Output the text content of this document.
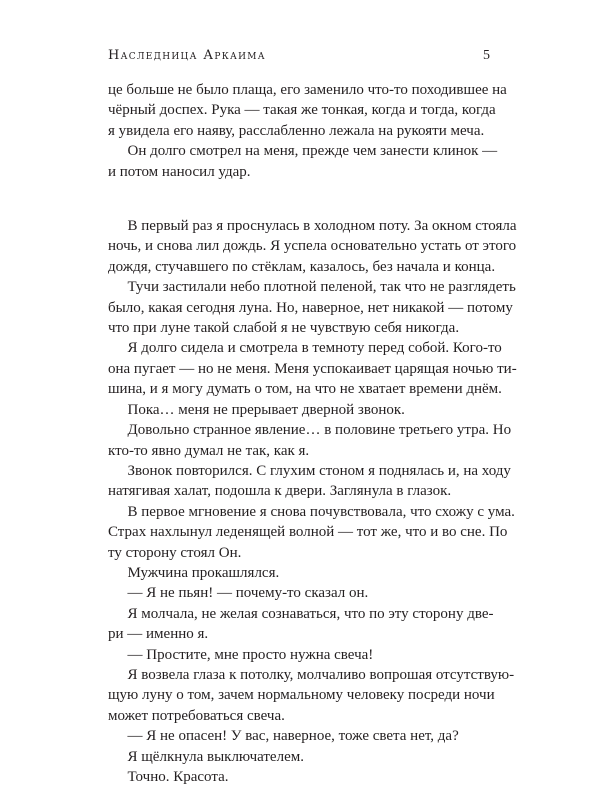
Наследница Аркаима	5

це больше не было плаща, его заменило что-то походившее на
чёрный доспех. Рука — такая же тонкая, когда и тогда, когда
я увидела его наяву, расслабленно лежала на рукояти меча.

Он долго смотрел на меня, прежде чем занести клинок —
и потом наносил удар.

В первый раз я проснулась в холодном поту. За окном стояла
ночь, и снова лил дождь. Я успела основательно устать от этого
дождя, стучавшего по стёклам, казалось, без начала и конца.

Тучи застилали небо плотной пеленой, так что не разглядеть
было, какая сегодня луна. Но, наверное, нет никакой — потому
что при луне такой слабой я не чувствую себя никогда.

Я долго сидела и смотрела в темноту перед собой. Кого-то
она пугает — но не меня. Меня успокаивает царящая ночью ти-
шина, и я могу думать о том, на что не хватает времени днём.

Пока… меня не прерывает дверной звонок.

Довольно странное явление… в половине третьего утра. Но
кто-то явно думал не так, как я.

Звонок повторился. С глухим стоном я поднялась и, на ходу
натягивая халат, подошла к двери. Заглянула в глазок.

В первое мгновение я снова почувствовала, что схожу с ума.
Страх нахлынул леденящей волной — тот же, что и во сне. По
ту сторону стоял Он.

Мужчина прокашлялся.

— Я не пьян! — почему-то сказал он.

Я молчала, не желая сознаваться, что по эту сторону две-
ри — именно я.

— Простите, мне просто нужна свеча!

Я возвела глаза к потолку, молчаливо вопрошая отсутствую-
щую луну о том, зачем нормальному человеку посреди ночи
может потребоваться свеча.

— Я не опасен! У вас, наверное, тоже света нет, да?

Я щёлкнула выключателем.

Точно. Красота.
